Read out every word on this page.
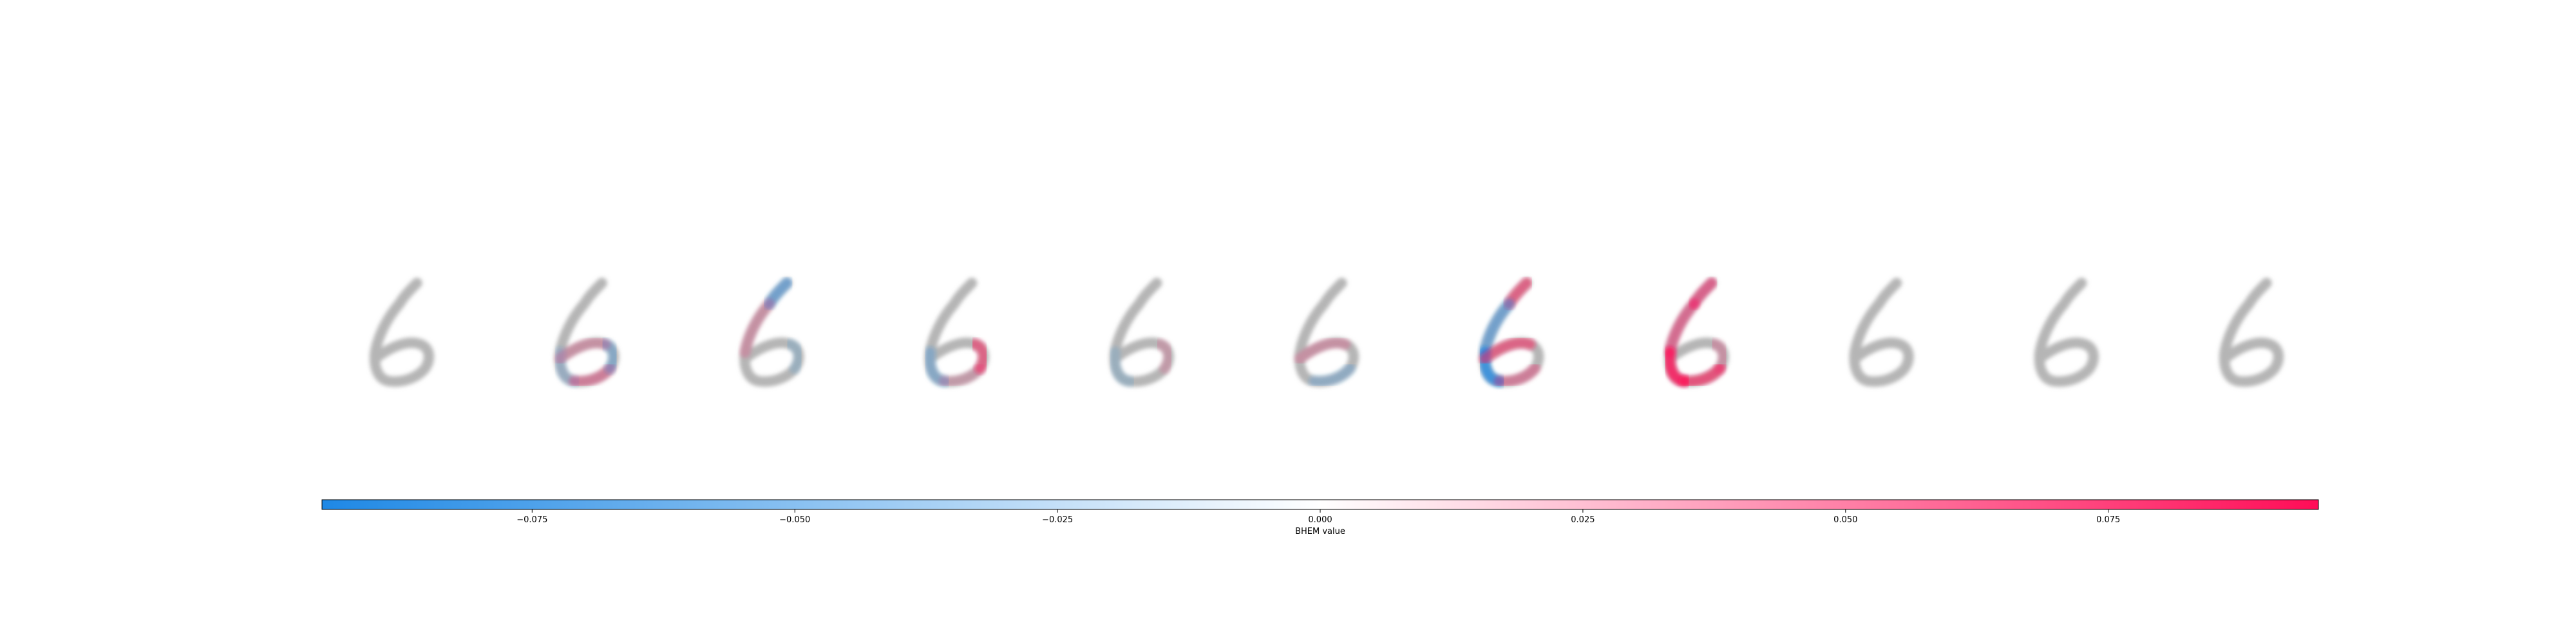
−0.075	−0.050	−0.025	0.000	0.025	0.050	0.075
BHEM value
